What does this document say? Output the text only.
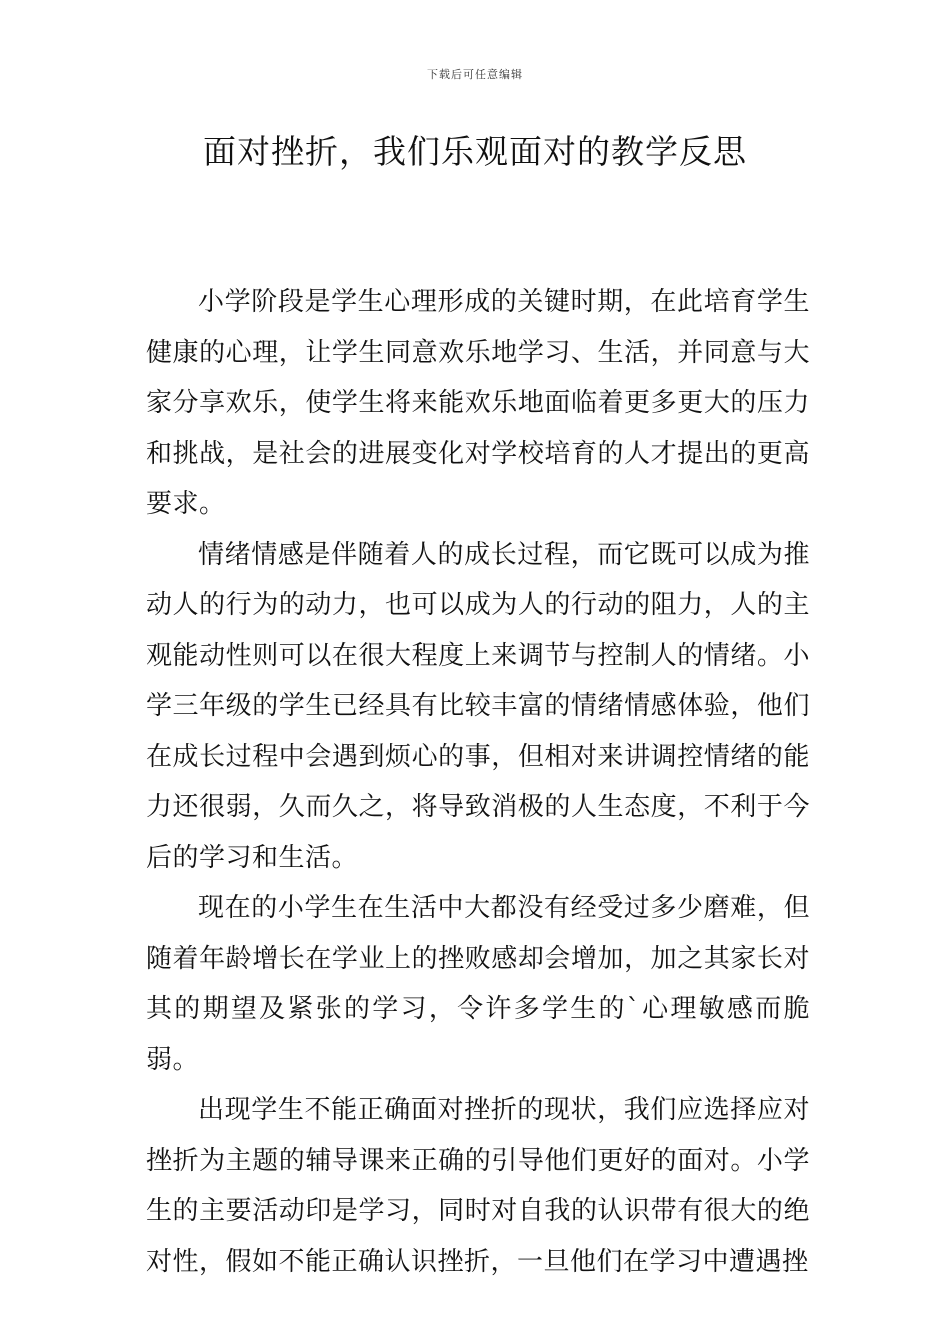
下载后可任意编辑
面对挫折，我们乐观面对的教学反思

小学阶段是学生心理形成的关键时期，在此培育学生健康的心理，让学生同意欢乐地学习、生活，并同意与大家分享欢乐，使学生将来能欢乐地面临着更多更大的压力和挑战，是社会的进展变化对学校培育的人才提出的更高要求。

情绪情感是伴随着人的成长过程，而它既可以成为推动人的行为的动力，也可以成为人的行动的阻力，人的主观能动性则可以在很大程度上来调节与控制人的情绪。小学三年级的学生已经具有比较丰富的情绪情感体验，他们在成长过程中会遇到烦心的事，但相对来讲调控情绪的能力还很弱，久而久之，将导致消极的人生态度，不利于今后的学习和生活。

现在的小学生在生活中大都没有经受过多少磨难，但随着年龄增长在学业上的挫败感却会增加，加之其家长对其的期望及紧张的学习，令许多学生的`心理敏感而脆弱。

出现学生不能正确面对挫折的现状，我们应选择应对挫折为主题的辅导课来正确的引导他们更好的面对。小学生的主要活动印是学习，同时对自我的认识带有很大的绝对性，假如不能正确认识挫折，一旦他们在学习中遭遇挫
